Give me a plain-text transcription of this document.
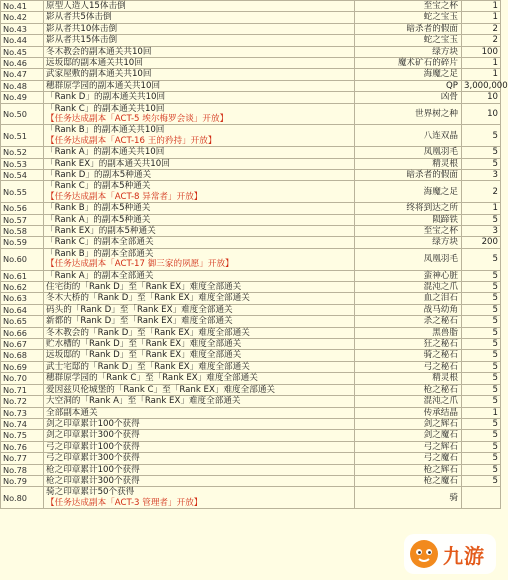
No.41	原型人造人15体击倒	至宝之杯	1
No.42	影从者共5体击倒	蛇之宝玉	1
No.43	影从者共10体击倒	暗杀者的假面	2
No.44	影从者共15体击倒	蛇之宝玉	2
No.45	冬木教会的副本通关共10回	绿方块	100
No.46	远坂邸的副本通关共10回	魔术矿石的碎片	1
No.47	武家屋敷的副本通关共10回	海魔之足	1
No.48	穗群原学园的副本通关共10回	QP	3,000,000
No.49	「Rank D」的副本通关共10回	凶骨	10
No.50	「Rank C」的副本通关共10回
【任务达成副本「ACT-5 埃尔梅罗会谈」开放】	世界树之种	10
No.51	「Rank B」的副本通关共10回
【任务达成副本「ACT-16 王的矜持」开放】	八连双晶	5
No.52	「Rank A」的副本通关共10回	凤凰羽毛	5
No.53	「Rank EX」的副本通关共10回	精灵根	5
No.54	「Rank D」的副本5种通关	暗杀者的假面	3
No.55	「Rank C」的副本5种通关
【任务达成副本「ACT-8 异常者」开放】	海魔之足	2
No.56	「Rank B」的副本5种通关	终将到达之所	1
No.57	「Rank A」的副本5种通关	陨蹄铁	5
No.58	「Rank EX」的副本5种通关	至宝之杯	3
No.59	「Rank C」的副本全部通关	绿方块	200
No.60	「Rank B」的副本全部通关
【任务达成副本「ACT-17 御三家的夙愿」开放】	凤凰羽毛	5
No.61	「Rank A」的副本全部通关	蛮神心脏	5
No.62	住宅街的「Rank D」至「Rank EX」难度全部通关	混沌之爪	5
No.63	冬木大桥的「Rank D」至「Rank EX」难度全部通关	血之泪石	5
No.64	码头的「Rank D」至「Rank EX」难度全部通关	战马幼角	5
No.65	新都的「Rank D」至「Rank EX」难度全部通关	杀之秘石	5
No.66	冬木教会的「Rank D」至「Rank EX」难度全部通关	黑兽脂	5
No.67	贮水槽的「Rank D」至「Rank EX」难度全部通关	狂之秘石	5
No.68	远坂邸的「Rank D」至「Rank EX」难度全部通关	骑之秘石	5
No.69	武士宅邸的「Rank D」至「Rank EX」难度全部通关	弓之秘石	5
No.70	穗群原学园的「Rank C」至「Rank EX」难度全部通关	精灵根	5
No.71	爱因兹贝伦城堡的「Rank C」至「Rank EX」难度全部通关	枪之秘石	5
No.72	大空洞的「Rank A」至「Rank EX」难度全部通关	混沌之爪	5
No.73	全部副本通关	传承结晶	1
No.74	剑之印章累计100个获得	剑之辉石	5
No.75	剑之印章累计300个获得	剑之魔石	5
No.76	弓之印章累计100个获得	弓之辉石	5
No.77	弓之印章累计300个获得	弓之魔石	5
No.78	枪之印章累计100个获得	枪之辉石	5
No.79	枪之印章累计300个获得	枪之魔石	5
No.80	骑之印章累计50个获得
【任务达成副本「ACT-3 管理者」开放】	骑	
九游
